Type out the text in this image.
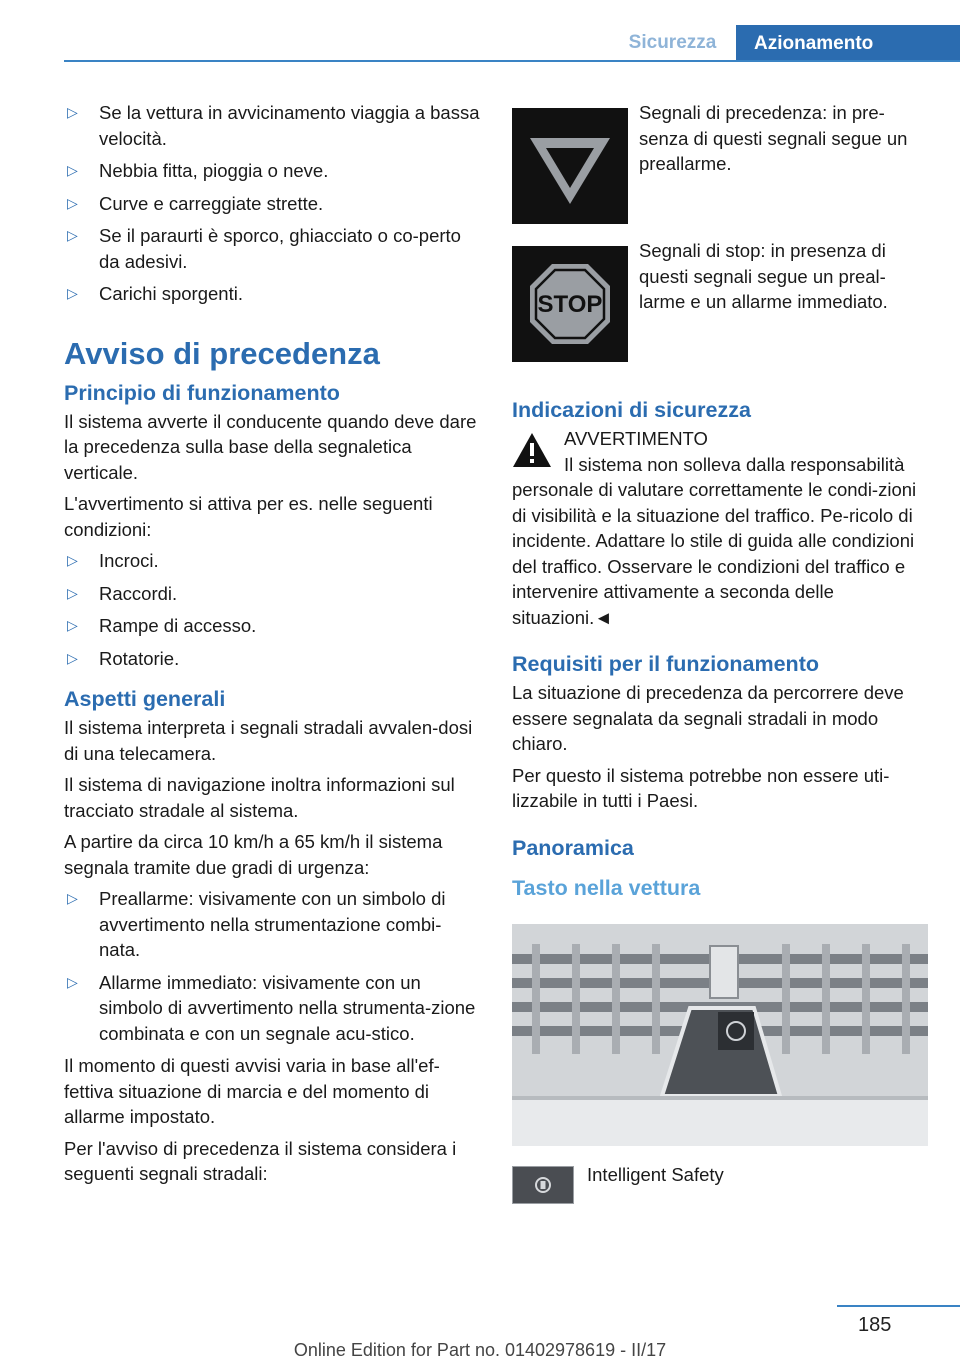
Sicurezza	Azionamento
▷ Se la vettura in avvicinamento viaggia a bassa velocità.
▷ Nebbia fitta, pioggia o neve.
▷ Curve e carreggiate strette.
▷ Se il paraurti è sporco, ghiacciato o co‐perto da adesivi.
▷ Carichi sporgenti.
Avviso di precedenza
Principio di funzionamento

Il sistema avverte il conducente quando deve dare la precedenza sulla base della segnaletica verticale.

L'avvertimento si attiva per es. nelle seguenti condizioni:

▷ Incroci.
▷ Raccordi.
▷ Rampe di accesso.
▷ Rotatorie.
Aspetti generali

Il sistema interpreta i segnali stradali avvalen‐dosi di una telecamera.

Il sistema di navigazione inoltra informazioni sul tracciato stradale al sistema.

A partire da circa 10 km/h a 65 km/h il sistema segnala tramite due gradi di urgenza:

▷ Preallarme: visivamente con un simbolo di avvertimento nella strumentazione combi‐nata.
▷ Allarme immediato: visivamente con un simbolo di avvertimento nella strumenta‐zione combinata e con un segnale acu‐stico.

Il momento di questi avvisi varia in base all'ef‐fettiva situazione di marcia e del momento di allarme impostato.

Per l'avviso di precedenza il sistema considera i seguenti segnali stradali:

Segnali di precedenza: in pre‐senza di questi segnali segue un preallarme.
STOP
Segnali di stop: in presenza di questi segnali segue un preal‐larme e un allarme immediato.
Indicazioni di sicurezza
AVVERTIMENTO
Il sistema non solleva dalla responsabilità
personale di valutare correttamente le condi‐zioni di visibilità e la situazione del traffico. Pe‐ricolo di incidente. Adattare lo stile di guida alle condizioni del traffico. Osservare le condizioni del traffico e intervenire attivamente a seconda delle situazioni.◄
Requisiti per il funzionamento

La situazione di precedenza da percorrere deve essere segnalata da segnali stradali in modo chiaro.

Per questo il sistema potrebbe non essere uti‐lizzabile in tutti i Paesi.

Panoramica
Tasto nella vettura
Intelligent Safety
185
Online Edition for Part no. 01402978619 - II/17
